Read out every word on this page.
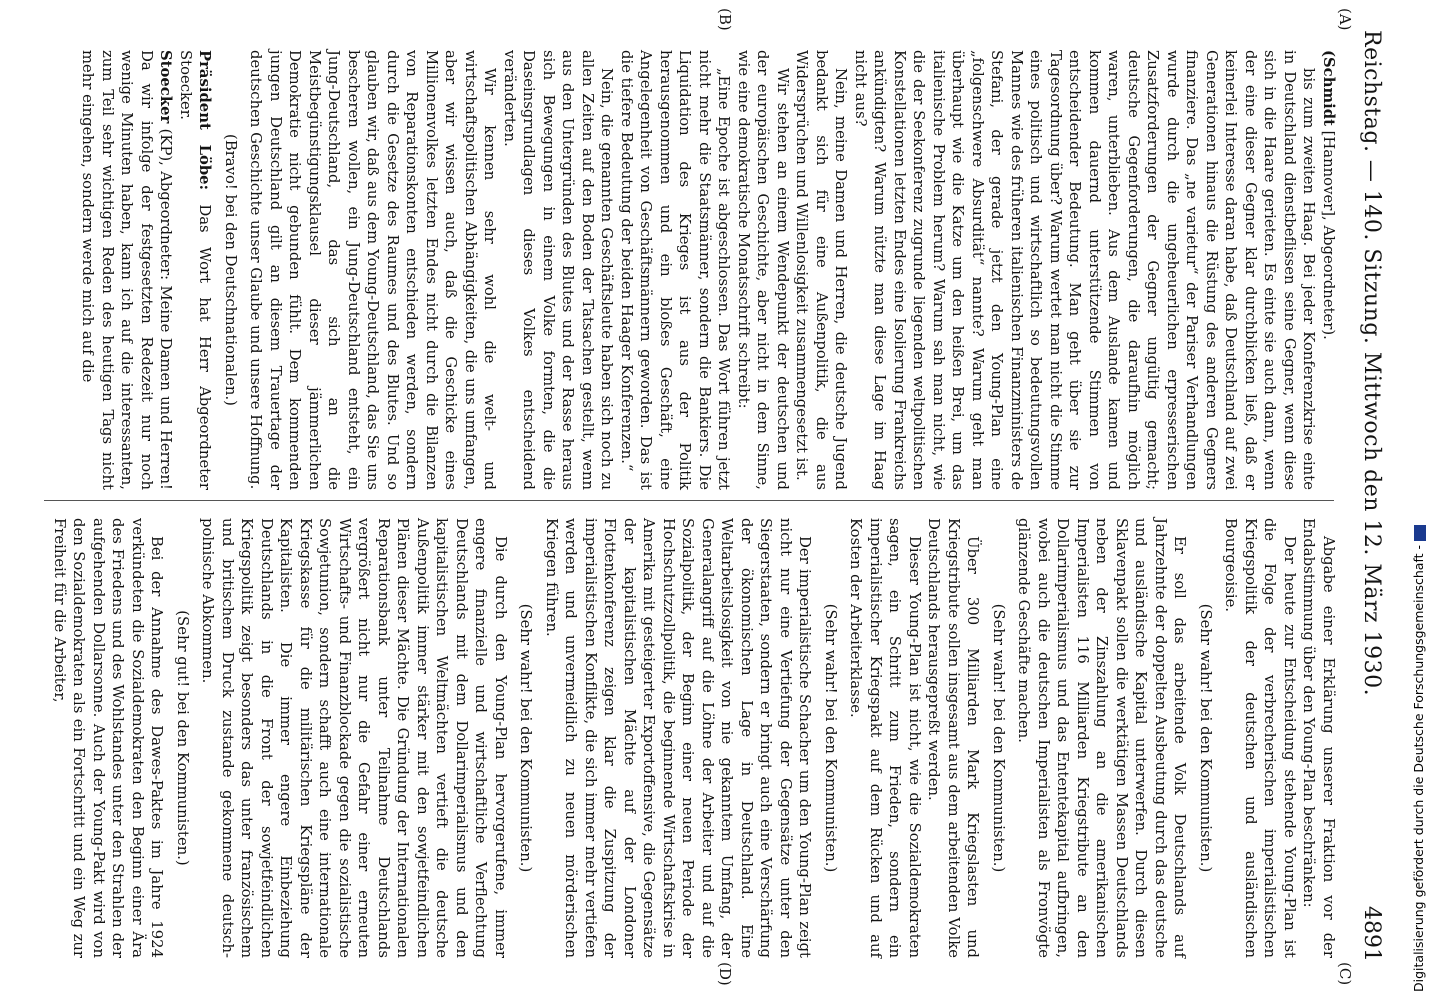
Reichstag. — 140. Sitzung. Mittwoch den 12. März 1930.
4891
(A)
(B)
(C)
(D)

(Schmidt [Hannover], Abgeordneter).

bis zum zweiten Haag. Bei jeder Konferenzkrise einte in Deutschland dienstbeflissen seine Gegner, wenn diese sich in die Haare gerieten. Es einte sie auch dann, wenn der eine dieser Gegner klar durchblicken ließ, daß er keinerlei Interesse daran habe, daß Deutschland auf zwei Generationen hinaus die Rüstung des anderen Gegners finanziere. Das „ne varietur“ der Pariser Verhandlungen wurde durch die ungeheuerlichen erpresserischen Zusatzforderungen der Gegner ungültig gemacht; deutsche Gegenforderungen, die daraufhin möglich waren, unterblieben. Aus dem Auslande kamen und kommen dauernd unterstützende Stimmen von entscheidender Bedeutung. Man geht über sie zur Tagesordnung über? Warum wertet man nicht die Stimme eines politisch und wirtschaftlich so bedeutungsvollen Mannes wie des früheren italienischen Finanzministers de Stefani, der gerade jetzt den Young-Plan eine „folgenschwere Absurdität“ nannte? Warum geht man überhaupt wie die Katze um den heißen Brei, um das italienische Problem herum? Warum sah man nicht, wie die der Seekonferenz zugrunde liegenden weltpolitischen Konstellationen letzten Endes eine Isolierung Frankreichs ankündigten? Warum nützte man diese Lage im Haag nicht aus?

Nein, meine Damen und Herren, die deutsche Jugend bedankt sich für eine Außenpolitik, die aus Widersprüchen und Willenlosigkeit zusammengesetzt ist.

Wir stehen an einem Wendepunkt der deutschen und der europäischen Geschichte, aber nicht in dem Sinne, wie eine demokratische Monatsschrift schreibt:

„Eine Epoche ist abgeschlossen. Das Wort führen jetzt nicht mehr die Staatsmänner, sondern die Bankiers. Die Liquidation des Krieges ist aus der Politik herausgenommen und ein bloßes Geschäft, eine Angelegenheit von Geschäftsmännern geworden. Das ist die tiefere Bedeutung der beiden Haager Konferenzen.“

Nein, die genannten Geschäftsleute haben sich noch zu allen Zeiten auf den Boden der Tatsachen gestellt, wenn aus den Untergründen des Blutes und der Rasse heraus sich Bewegungen in einem Volke formten, die die Daseinsgrundlagen dieses Volkes entscheidend veränderten.

Wir kennen sehr wohl die welt- und wirtschaftspolitischen Abhängigkeiten, die uns umfangen, aber wir wissen auch, daß die Geschicke eines Millionenvolkes letzten Endes nicht durch die Bilanzen von Reparationskonten entschieden werden, sondern durch die Gesetze des Raumes und des Blutes. Und so glauben wir, daß aus dem Young-Deutschland, das Sie uns bescheren wollen, ein Jung-Deutschland entsteht, ein Jung-Deutschland, das sich an die Meistbegünstigungsklausel dieser jämmerlichen Demokratie nicht gebunden fühlt. Dem kommenden jungen Deutschland gilt an diesem Trauertage der deutschen Geschichte unser Glaube und unsere Hoffnung.

(Bravo! bei den Deutschnationalen.)

Präsident Löbe: Das Wort hat Herr Abgeordneter Stoecker.

Stoecker (KP), Abgeordneter: Meine Damen und Herren! Da wir infolge der festgesetzten Redezeit nur noch wenige Minuten haben, kann ich auf die interessanten, zum Teil sehr wichtigen Reden des heutigen Tags nicht mehr eingehen, sondern werde mich auf die

Abgabe einer Erklärung unserer Fraktion vor der Endabstimmung über den Young-Plan beschränken:

Der heute zur Entscheidung stehende Young-Plan ist die Folge der verbrecherischen imperialistischen Kriegspolitik der deutschen und ausländischen Bourgeoisie.

(Sehr wahr! bei den Kommunisten.)

Er soll das arbeitende Volk Deutschlands auf Jahrzehnte der doppelten Ausbeutung durch das deutsche und ausländische Kapital unterwerfen. Durch diesen Sklavenpakt sollen die werktätigen Massen Deutschlands neben der Zinszahlung an die amerikanischen Imperialisten 116 Milliarden Kriegstribute an den Dollarimperialismus und das Ententekapital aufbringen, wobei auch die deutschen Imperialisten als Fronvögte glänzende Geschäfte machen.

(Sehr wahr! bei den Kommunisten.)

Über 300 Milliarden Mark Kriegslasten und Kriegstribute sollen insgesamt aus dem arbeitenden Volke Deutschlands herausgepreßt werden.

Dieser Young-Plan ist nicht, wie die Sozialdemokraten sagen, ein Schritt zum Frieden, sondern ein imperialistischer Kriegspakt auf dem Rücken und auf Kosten der Arbeiterklasse.

(Sehr wahr! bei den Kommunisten.)

Der imperialistische Schacher um den Young-Plan zeigt nicht nur eine Vertiefung der Gegensätze unter den Siegerstaaten, sondern er bringt auch eine Verschärfung der ökonomischen Lage in Deutschland. Eine Weltarbeitslosigkeit von nie gekanntem Umfang, der Generalangriff auf die Löhne der Arbeiter und auf die Sozialpolitik, der Beginn einer neuen Periode der Hochschutzzollpolitik, die beginnende Wirtschaftskrise in Amerika mit gesteigerter Exportoffensive, die Gegensätze der kapitalistischen Mächte auf der Londoner Flottenkonferenz zeigen klar die Zuspitzung der imperialistischen Konflikte, die sich immer mehr vertiefen werden und unvermeidlich zu neuen mörderischen Kriegen führen.

(Sehr wahr! bei den Kommunisten.)

Die durch den Young-Plan hervorgerufene, immer engere finanzielle und wirtschaftliche Verflechtung Deutschlands mit dem Dollarimperialismus und den kapitalistischen Weltmächten vertieft die deutsche Außenpolitik immer stärker mit den sowjetfeindlichen Plänen dieser Mächte. Die Gründung der Internationalen Reparationsbank unter Teilnahme Deutschlands vergrößert nicht nur die Gefahr einer erneuten Wirtschafts- und Finanzblockade gegen die sozialistische Sowjetunion, sondern schafft auch eine internationale Kriegskasse für die militärischen Kriegspläne der Kapitalisten. Die immer engere Einbeziehung Deutschlands in die Front der sowjetfeindlichen Kriegspolitik zeigt besonders das unter französischem und britischem Druck zustande gekommene deutsch-polnische Abkommen.

(Sehr gut! bei den Kommunisten.)

Bei der Annahme des Dawes-Paktes im Jahre 1924 verkündeten die Sozialdemokraten den Beginn einer Ära des Friedens und des Wohlstandes unter den Strahlen der aufgehenden Dollarsonne. Auch der Young-Pakt wird von den Sozialdemokraten als ein Fortschritt und ein Weg zur Freiheit für die Arbeiter,	Digitalisierung gefördert durch die Deutsche Forschungsgemeinschaft -
